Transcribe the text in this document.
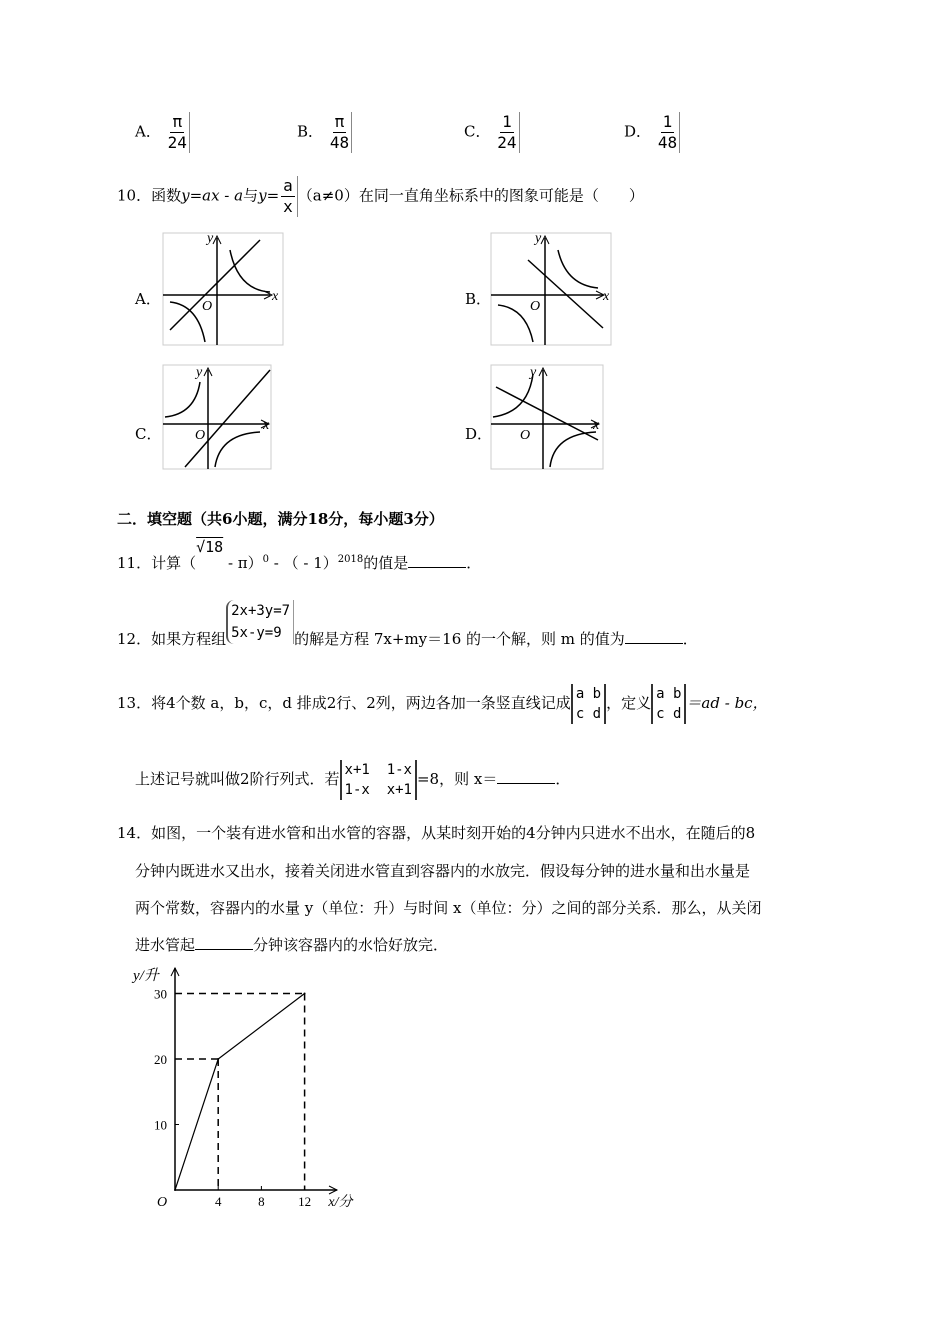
A． $\frac{\pi}{24}$	B． $\frac{\pi}{48}$	C． $\frac{1}{24}$	D． $\frac{1}{48}$
10．函数y=ax - a与$y= \frac{a}{x} (a\ne 0)$在同一直角坐标系中的图象可能是（　　）
A．	B．
C．	D．
x
y
O
x
y
O
x
y
O
x
y
O
二．填空题（共6小题，满分18分，每小题3分）
11．计算（√18 - π）$^0$ - （ - 1）$^{2018}$的值是	．
12．如果方程组
2x+3y=7
5x-y=9 的解是方程 7x+my＝16 的一个解，则 m 的值为	．
13．将4个数 a，b，c，d 排成2行、2列，两边各加一条竖直线记成 a b
c d
，定义 a b
c d
＝ad - bc，
上述记号就叫做2阶行列式．若 x+1  1-x
1-x  x+1
=8，则 x＝	．
14．如图，一个装有进水管和出水管的容器，从某时刻开始的4分钟内只进水不出水，在随后的8
分钟内既进水又出水，接着关闭进水管直到容器内的水放完．假设每分钟的进水量和出水量是
两个常数，容器内的水量 y（单位：升）与时间 x（单位：分）之间的部分关系．那么，从关闭
进水管起	分钟该容器内的水恰好放完．
4	8	12
10
20
30
O	x/分
y/升
